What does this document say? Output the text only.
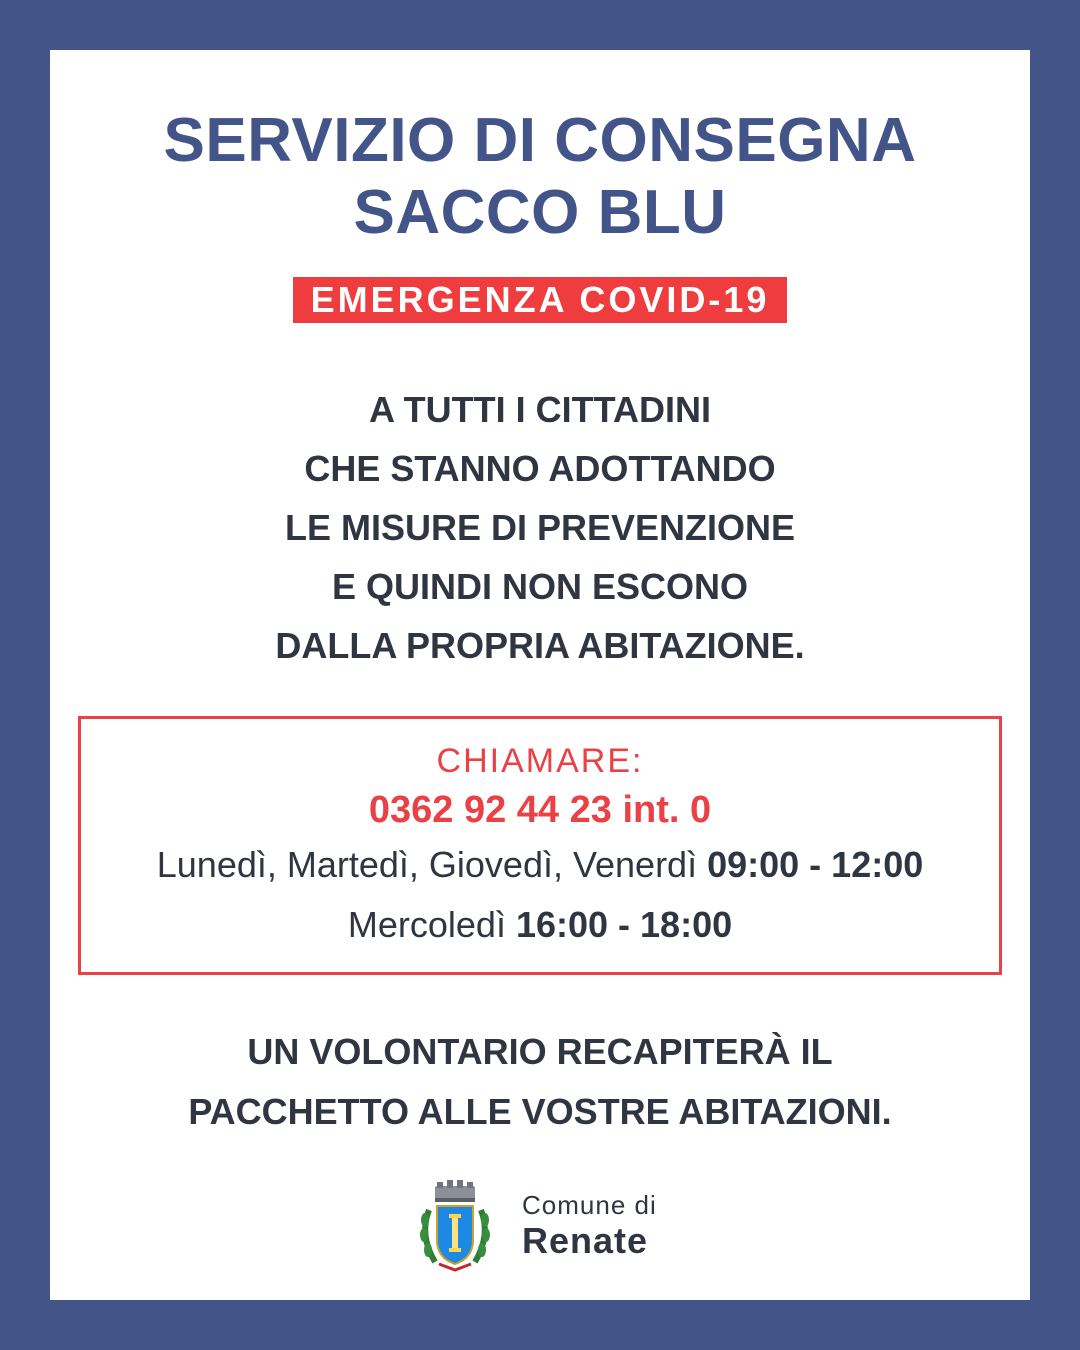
SERVIZIO DI CONSEGNA
SACCO BLU
EMERGENZA COVID-19
A TUTTI I CITTADINI
CHE STANNO ADOTTANDO
LE MISURE DI PREVENZIONE
E QUINDI NON ESCONO
DALLA PROPRIA ABITAZIONE.
CHIAMARE:
0362 92 44 23 int. 0
Lunedì, Martedì, Giovedì, Venerdì 09:00 - 12:00
Mercoledì 16:00 - 18:00
UN VOLONTARIO RECAPITERÀ IL
PACCHETTO ALLE VOSTRE ABITAZIONI.
Comune di
Renate
